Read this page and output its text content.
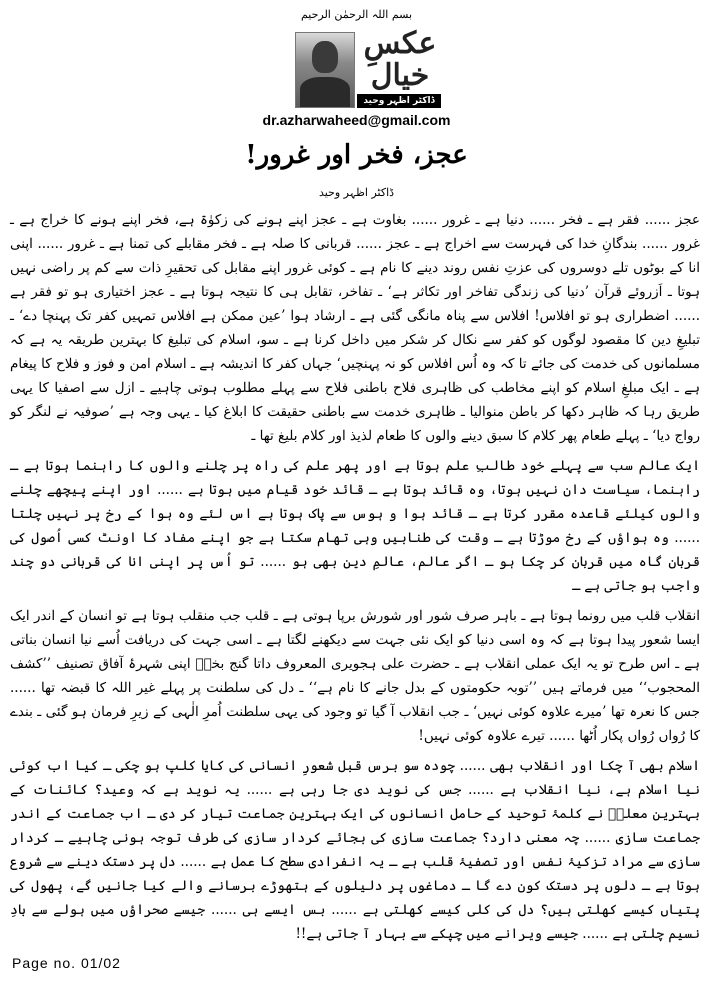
بسم اللہ الرحمٰن الرحیم
عکسِ خیال
ڈاکٹر اظہر وحید
dr.azharwaheed@gmail.com
عجز، فخر اور غرور!
ڈاکٹر اظہر وحید

عجز ...... فقر ہے ـ فخر ...... دنیا ہے ـ غرور ...... بغاوت ہے ـ عجز اپنے ہونے کی زکوٰۃ ہے، فخر اپنے ہونے کا خراج ہے ـ غرور ...... بندگانِ خدا کی فہرست سے اخراج ہے ـ عجز ...... قربانی کا صلہ ہے ـ فخر مقابلے کی تمنا ہے ـ غرور ...... اپنی انا کے بوٹوں تلے دوسروں کی عزتِ نفس روند دینے کا نام ہے ـ کوئی غرور اپنے مقابل کی تحقیرِ ذات سے کم پر راضی نہیں ہوتا ـ اَزروئے قرآن ’دنیا کی زندگی تفاخر اور تکاثر ہے‘ ـ تفاخر، تقابل ہی کا نتیجہ ہوتا ہے ـ عجز اختیاری ہو تو فقر ہے ...... اضطراری ہو تو افلاس! افلاس سے پناہ مانگی گئی ہے ـ ارشاد ہوا ’عین ممکن ہے افلاس تمہیں کفر تک پہنچا دے‘ ـ تبلیغِ دین کا مقصود لوگوں کو کفر سے نکال کر شکر میں داخل کرنا ہے ـ سو، اسلام کی تبلیغ کا بہترین طریقہ یہ ہے کہ مسلمانوں کی خدمت کی جائے تا کہ وہ اُس افلاس کو نہ پہنچیں‘ جہاں کفر کا اندیشہ ہے ـ اسلام امن و فوز و فلاح کا پیغام ہے ـ ایک مبلغِ اسلام کو اپنے مخاطب کی ظاہری فلاح باطنی فلاح سے پہلے مطلوب ہوتی چاہیے ـ ازل سے اصفیا کا یہی طریق رہا کہ ظاہر دکھا کر باطن منوالیا ـ ظاہری خدمت سے باطنی حقیقت کا ابلاغ کیا ـ یہی وجہ ہے ’صوفیہ نے لنگر کو رواج دیا‘ ـ پہلے طعام پھر کلام کا سبق دینے والوں کا طعام لذیذ اور کلام بلیغ تھا ـ

ایک عالم سب سے پہلے خود طالبِ علم ہوتا ہے اور پھر علم کی راہ پر چلنے والوں کا راہنما ہوتا ہے ـ راہنما، سیاست دان نہیں ہوتا، وہ قائد ہوتا ہے ـ قائد خود قیام میں ہوتا ہے ...... اور اپنے پیچھے چلنے والوں کیلئے قاعدہ مقرر کرتا ہے ـ قائد ہوا و ہوس سے پاک ہوتا ہے اس لئے وہ ہوا کے رخ پر نہیں چلتا ...... وہ ہواؤں کے رخ موڑتا ہے ـ وقت کی طنابیں وہی تھام سکتا ہے جو اپنے مفاد کا اونٹ کسی اُصول کی قربان گاہ میں قربان کر چکا ہو ـ اگر عالم، عالمِ دین بھی ہو ...... تو اُس پر اپنی انا کی قربانی دو چند واجب ہو جاتی ہے ـ

انقلاب قلب میں رونما ہوتا ہے ـ باہر صرف شور اور شورش برپا ہوتی ہے ـ قلب جب منقلب ہوتا ہے تو انسان کے اندر ایک ایسا شعور پیدا ہوتا ہے کہ وہ اسی دنیا کو ایک نئی جہت سے دیکھنے لگتا ہے ـ اسی جہت کی دریافت اُسے نیا انسان بناتی ہے ـ اس طرح تو یہ ایک عملی انقلاب ہے ـ حضرت علی ہجویری المعروف داتا گنج بخشؒ اپنی شہرۂ آفاق تصنیف ’’کشف المحجوب‘‘ میں فرماتے ہیں ’’توبہ حکومتوں کے بدل جانے کا نام ہے‘‘ ـ دل کی سلطنت پر پہلے غیر اللہ کا قبضہ تھا ...... جس کا نعرہ تھا ’میرے علاوہ کوئی نہیں‘ ـ جب انقلاب آ گیا تو وجود کی یہی سلطنت اُمرِ الٰہی کے زیرِ فرمان ہو گئی ـ بندے کا رُواں رُواں پکار اُٹھا ...... تیرے علاوہ کوئی نہیں!

اسلام بھی آ چکا اور انقلاب بھی ...... چودہ سو برس قبل شعورِ انسانی کی کایا کلپ ہو چکی ـ کیا اب کوئی نیا اسلام ہے، نیا انقلاب ہے ...... جس کی نوید دی جا رہی ہے ...... یہ نوید ہے کہ وعید؟ کائنات کے بہترین معلمؐ نے کلمۂ توحید کے حامل انسانوں کی ایک بہترین جماعت تیار کر دی ـ اب جماعت کے اندر جماعت سازی ...... چہ معنی دارد؟ جماعت سازی کی بجائے کردار سازی کی طرف توجہ ہونی چاہیے ـ کردار سازی سے مراد تزکیۂ نفس اور تصفیۂ قلب ہے ـ یہ انفرادی سطح کا عمل ہے ...... دل پر دستک دینے سے شروع ہوتا ہے ـ دلوں پر دستک کون دے گا ـ دماغوں پر دلیلوں کے ہتھوڑے برسانے والے کیا جانیں گے، پھول کی پتیاں کیسے کھلتی ہیں؟ دل کی کلی کیسے کھلتی ہے ...... بس ایسے ہی ...... جیسے صحراؤں میں ہولے سے بادِ نسیم چلتی ہے ...... جیسے ویرانے میں چپکے سے بہار آ جاتی ہے!!

Page no. 01/02
